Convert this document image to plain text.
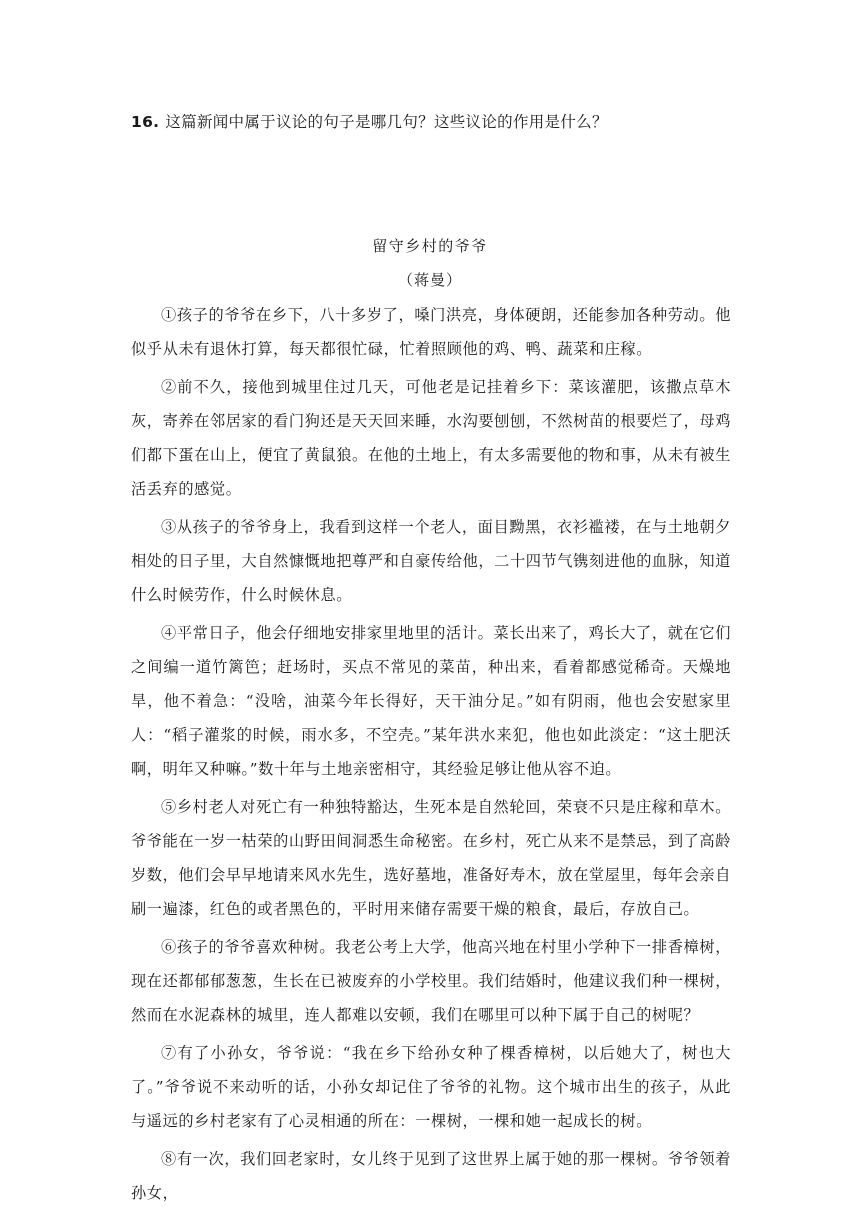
16. 这篇新闻中属于议论的句子是哪几句？这些议论的作用是什么？
留守乡村的爷爷
（蒋曼）

①孩子的爷爷在乡下，八十多岁了，嗓门洪亮，身体硬朗，还能参加各种劳动。他似乎从未有退休打算，每天都很忙碌，忙着照顾他的鸡、鸭、蔬菜和庄稼。

②前不久，接他到城里住过几天，可他老是记挂着乡下：菜该灌肥，该撒点草木灰，寄养在邻居家的看门狗还是天天回来睡，水沟要刨刨，不然树苗的根要烂了，母鸡们都下蛋在山上，便宜了黄鼠狼。在他的土地上，有太多需要他的物和事，从未有被生活丢弃的感觉。

③从孩子的爷爷身上，我看到这样一个老人，面目黝黑，衣衫褴褛，在与土地朝夕相处的日子里，大自然慷慨地把尊严和自豪传给他，二十四节气镌刻进他的血脉，知道什么时候劳作，什么时候休息。

④平常日子，他会仔细地安排家里地里的活计。菜长出来了，鸡长大了，就在它们之间编一道竹篱笆；赶场时，买点不常见的菜苗，种出来，看着都感觉稀奇。天燥地旱，他不着急：“没啥，油菜今年长得好，天干油分足。”如有阴雨，他也会安慰家里人：“稻子灌浆的时候，雨水多，不空壳。”某年洪水来犯，他也如此淡定：“这土肥沃啊，明年又种嘛。”数十年与土地亲密相守，其经验足够让他从容不迫。

⑤乡村老人对死亡有一种独特豁达，生死本是自然轮回，荣衰不只是庄稼和草木。爷爷能在一岁一枯荣的山野田间洞悉生命秘密。在乡村，死亡从来不是禁忌，到了高龄岁数，他们会早早地请来风水先生，选好墓地，准备好寿木，放在堂屋里，每年会亲自刷一遍漆，红色的或者黑色的，平时用来储存需要干燥的粮食，最后，存放自己。

⑥孩子的爷爷喜欢种树。我老公考上大学，他高兴地在村里小学种下一排香樟树，现在还都郁郁葱葱，生长在已被废弃的小学校里。我们结婚时，他建议我们种一棵树，然而在水泥森林的城里，连人都难以安顿，我们在哪里可以种下属于自己的树呢？

⑦有了小孙女，爷爷说：“我在乡下给孙女种了棵香樟树，以后她大了，树也大了。”爷爷说不来动听的话，小孙女却记住了爷爷的礼物。这个城市出生的孩子，从此与遥远的乡村老家有了心灵相通的所在：一棵树，一棵和她一起成长的树。

⑧有一次，我们回老家时，女儿终于见到了这世界上属于她的那一棵树。爷爷领着孙女，
